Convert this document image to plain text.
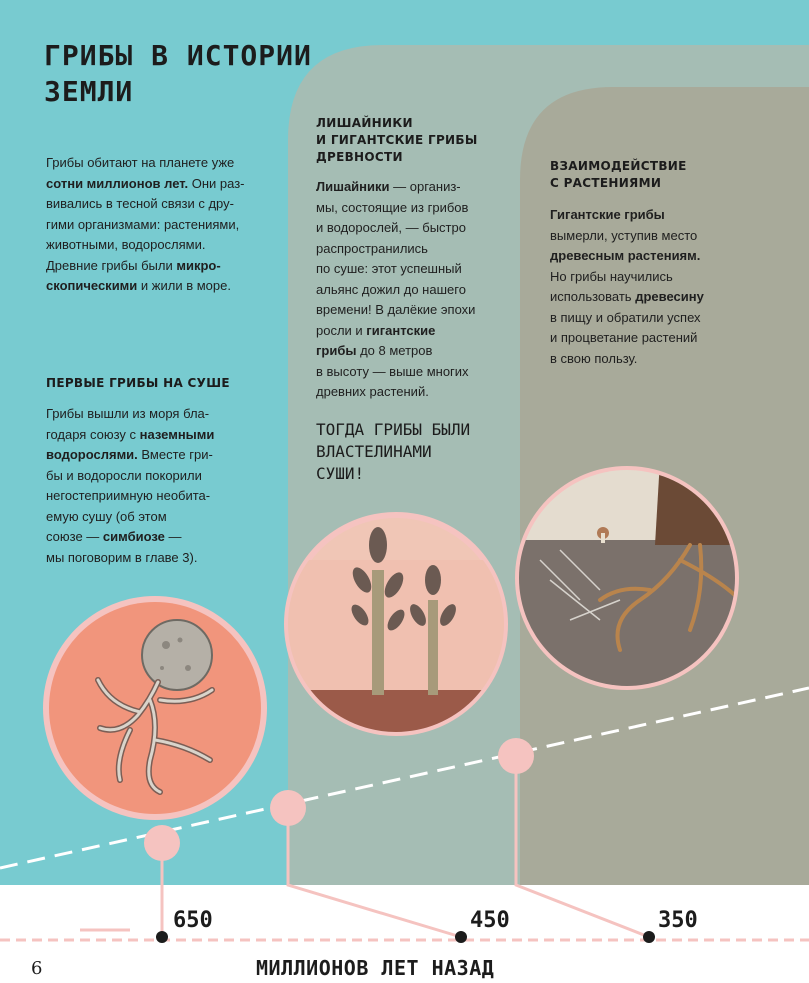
ГРИБЫ В ИСТОРИИ
ЗЕМЛИ

Грибы обитают на планете уже
сотни миллионов лет. Они раз-
вивались в тесной связи с дру-
гими организмами: растениями,
животными, водорослями.
Древние грибы были микро-
скопическими и жили в море.

ПЕРВЫЕ ГРИБЫ НА СУШЕ

Грибы вышли из моря бла-
годаря союзу с наземными
водорослями. Вместе гри-
бы и водоросли покорили
негостеприимную необита-
емую сушу (об этом
союзе — симбиозе —
мы поговорим в главе 3).

ЛИШАЙНИКИ
И ГИГАНТСКИЕ ГРИБЫ
ДРЕВНОСТИ

Лишайники — организ-
мы, состоящие из грибов
и водорослей, — быстро
распространились
по суше: этот успешный
альянс дожил до нашего
времени! В далёкие эпохи
росли и гигантские
грибы до 8 метров
в высоту — выше многих
древних растений.

ТОГДА ГРИБЫ БЫЛИ
ВЛАСТЕЛИНАМИ
СУШИ!

ВЗАИМОДЕЙСТВИЕ
С РАСТЕНИЯМИ

Гигантские грибы
вымерли, уступив место
древесным растениям.
Но грибы научились
использовать древесину
в пищу и обратили успех
и процветание растений
в свою пользу.

650	450	350
6	МИЛЛИОНОВ ЛЕТ НАЗАД
